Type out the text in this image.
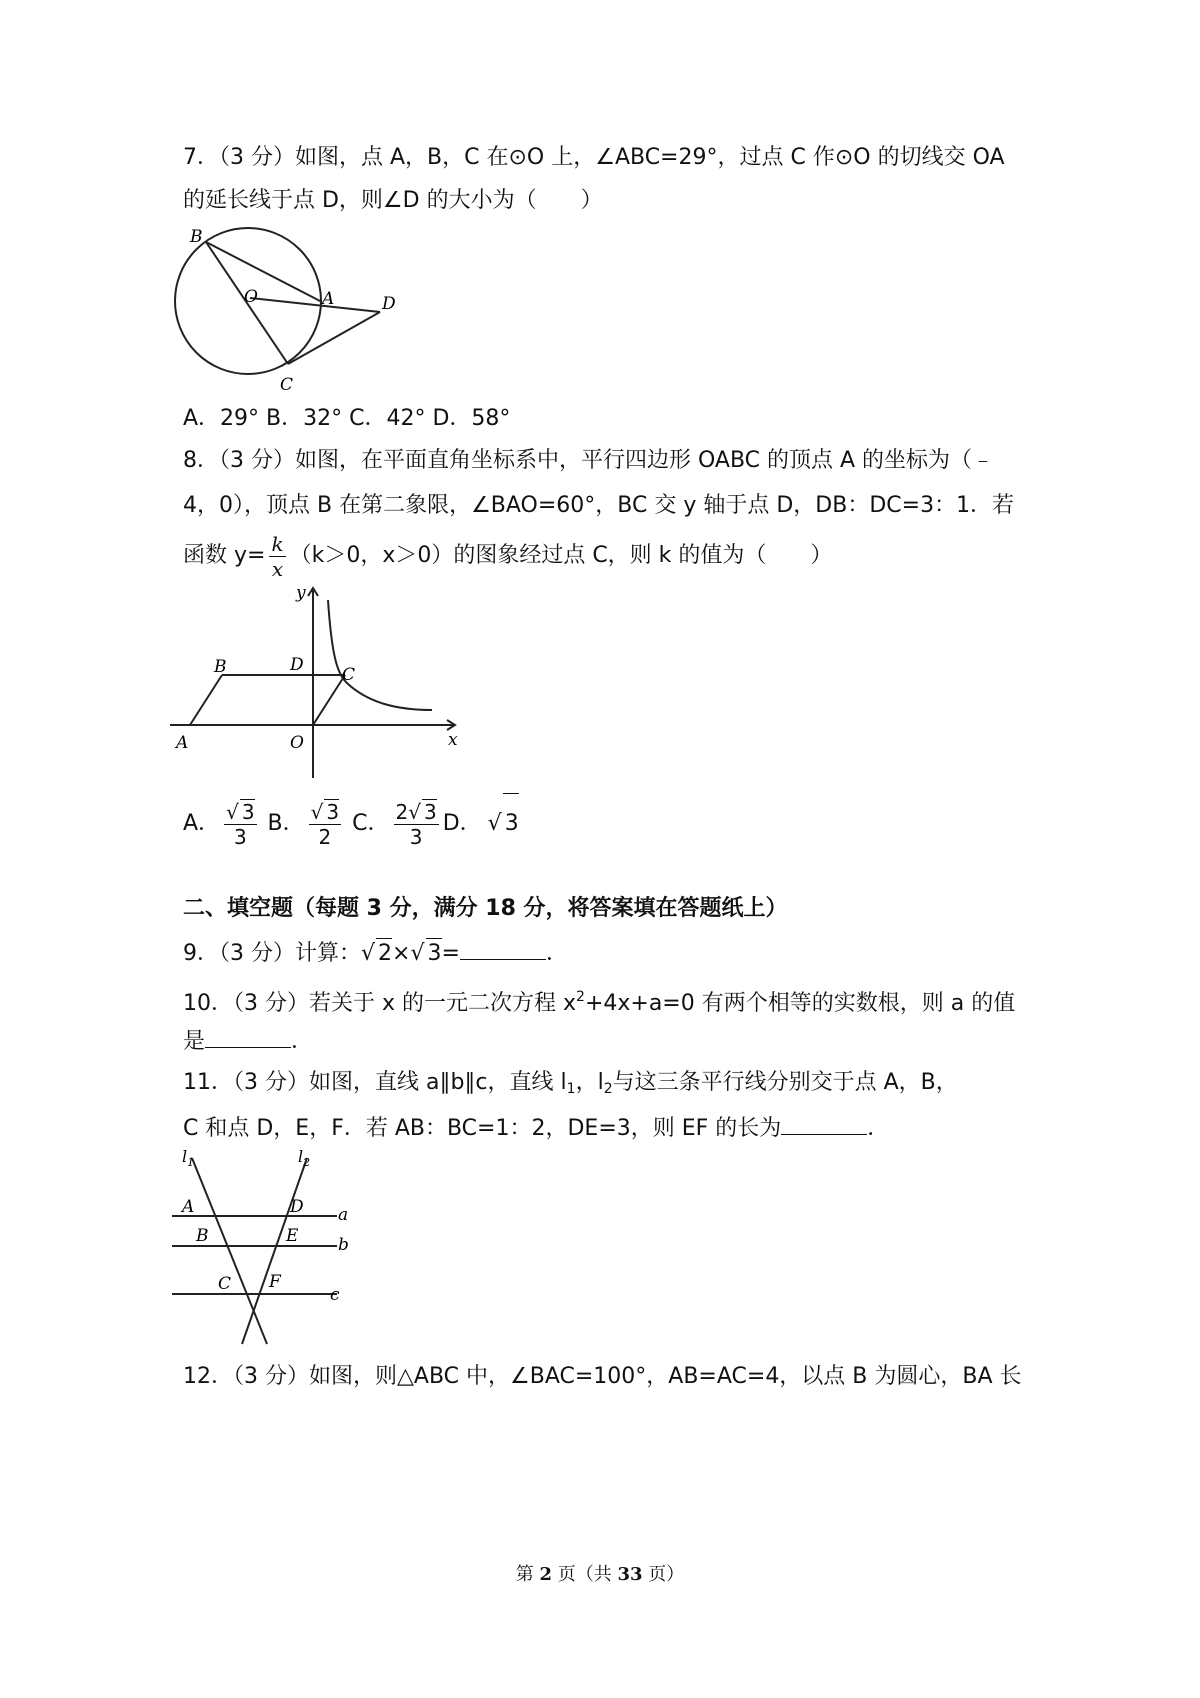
7．（3 分）如图，点 A，B，C 在⊙O 上，∠ABC=29°，过点 C 作⊙O 的切线交 OA
的延长线于点 D，则∠D 的大小为（　　）
B
O	A	D
C
A．29° B．32° C．42° D．58°
8．（3 分）如图，在平面直角坐标系中，平行四边形 OABC 的顶点 A 的坐标为（﹣
4，0），顶点 B 在第二象限，∠BAO=60°，BC 交 y 轴于点 D，DB：DC=3：1．若
函数 $y= \frac{k}{x} (k>0$，x＞0）的图象经过点 C，则 k 的值为（　　）
y
x
B	D C
A	O
A． $\frac{√ 3}{3}$ B． $\frac{√ 3}{2}$ C． $\frac{2√ 3}{3}$ D． √ 3
二、填空题（每题 3 分，满分 18 分，将答案填在答题纸上）
9．（3 分）计算：√ 2×√ 3=	．
10．（3 分）若关于 x 的一元二次方程 $x^2+4x+a=0$ 有两个相等的实数根，则 a 的值
是	．
11．（3 分）如图，直线 a∥b∥c，直线 $l_1$，$l_2$与这三条平行线分别交于点 A，B，
C 和点 D，E，F．若 AB：BC=1：2，DE=3，则 EF 的长为	．
$l_1$	$l_2$
A	D a
B	E b
C F
c
12．（3 分）如图，则△ABC 中，∠BAC=100°，AB=AC=4，以点 B 为圆心，BA 长
第 2 页（共 33 页）
